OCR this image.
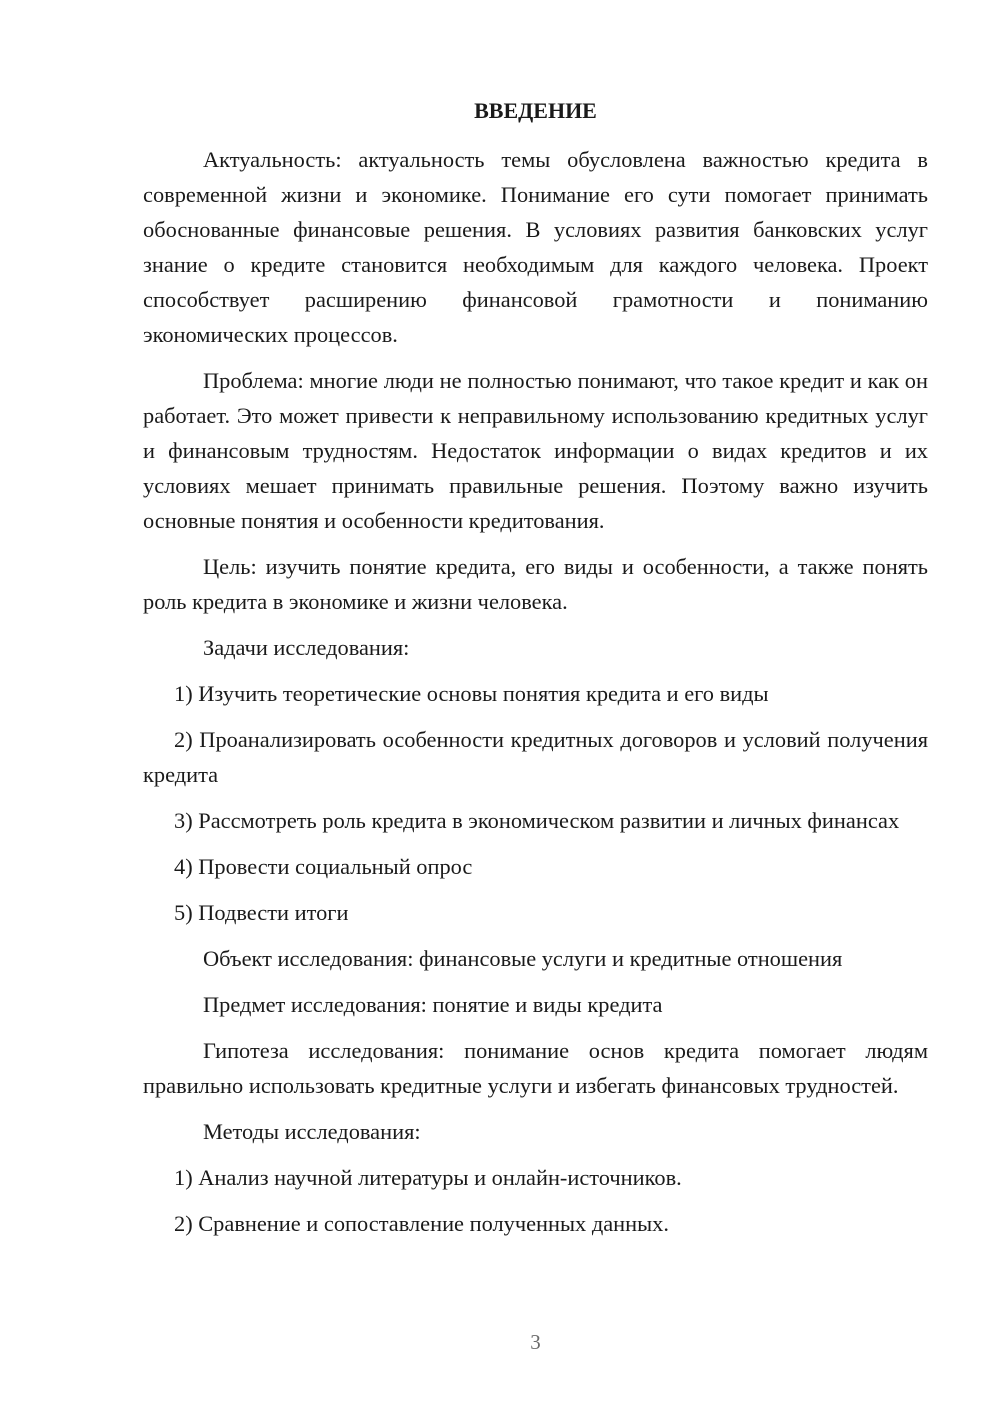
ВВЕДЕНИЕ

Актуальность: актуальность темы обусловлена важностью кредита в современной жизни и экономике. Понимание его сути помогает принимать обоснованные финансовые решения. В условиях развития банковских услуг знание о кредите становится необходимым для каждого человека. Проект способствует расширению финансовой грамотности и пониманию экономических процессов.

Проблема: многие люди не полностью понимают, что такое кредит и как он работает. Это может привести к неправильному использованию кредитных услуг и финансовым трудностям. Недостаток информации о видах кредитов и их условиях мешает принимать правильные решения. Поэтому важно изучить основные понятия и особенности кредитования.

Цель: изучить понятие кредита, его виды и особенности, а также понять роль кредита в экономике и жизни человека.

Задачи исследования:

1) Изучить теоретические основы понятия кредита и его виды

2) Проанализировать особенности кредитных договоров и условий получения кредита

3) Рассмотреть роль кредита в экономическом развитии и личных финансах

4) Провести социальный опрос

5) Подвести итоги

Объект исследования: финансовые услуги и кредитные отношения

Предмет исследования: понятие и виды кредита

Гипотеза исследования: понимание основ кредита помогает людям правильно использовать кредитные услуги и избегать финансовых трудностей.

Методы исследования:

1) Анализ научной литературы и онлайн-источников.

2) Сравнение и сопоставление полученных данных.

3
